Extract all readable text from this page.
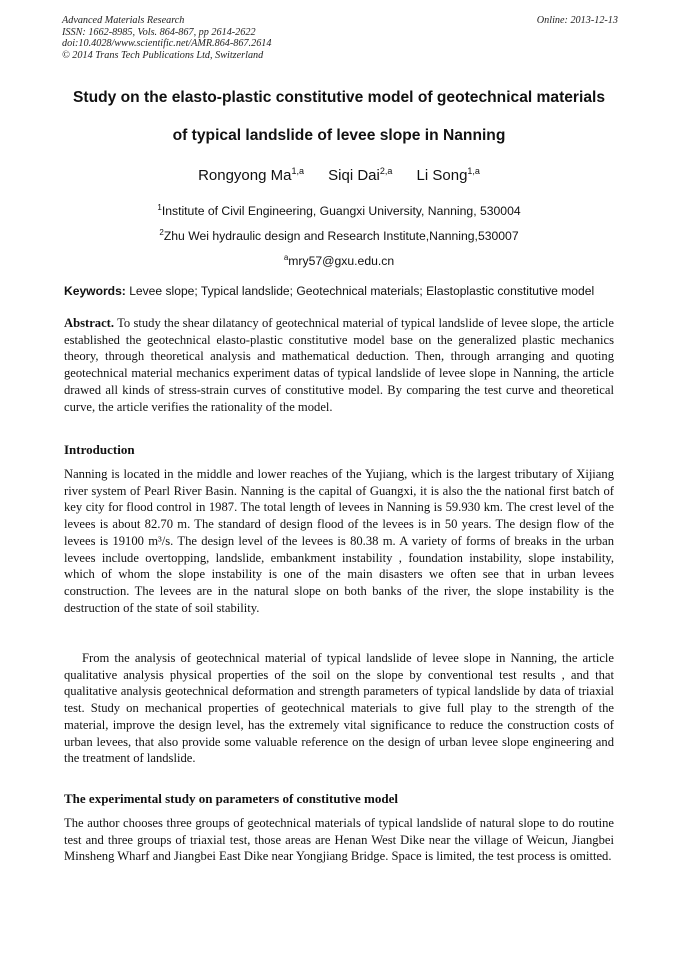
Advanced Materials Research	Online: 2013-12-13
ISSN: 1662-8985, Vols. 864-867, pp 2614-2622
doi:10.4028/www.scientific.net/AMR.864-867.2614
© 2014 Trans Tech Publications Ltd, Switzerland
Study on the elasto-plastic constitutive model of geotechnical materials
of typical landslide of levee slope in Nanning
Rongyong Ma$^{1,a}$ Siqi Dai$^{2,a}$ Li Song$^{1,a}$
$^1$Institute of Civil Engineering, Guangxi University, Nanning, 530004
$^2$Zhu Wei hydraulic design and Research Institute,Nanning,530007
$^a$mry57@gxu.edu.cn
Keywords: Levee slope; Typical landslide; Geotechnical materials; Elastoplastic constitutive model
Abstract. To study the shear dilatancy of geotechnical material of typical landslide of levee slope, the article established the geotechnical elasto-plastic constitutive model base on the generalized plastic mechanics theory, through theoretical analysis and mathematical deduction. Then, through arranging and quoting geotechnical material mechanics experiment datas of typical landslide of levee slope in Nanning, the article drawed all kinds of stress-strain curves of constitutive model. By comparing the test curve and theoretical curve, the article verifies the rationality of the model.
Introduction
Nanning is located in the middle and lower reaches of the Yujiang, which is the largest tributary of Xijiang river system of Pearl River Basin. Nanning is the capital of Guangxi, it is also the the national first batch of key city for flood control in 1987. The total length of levees in Nanning is 59.930 km. The crest level of the levees is about 82.70 m. The standard of design flood of the levees is in 50 years. The design flow of the levees is 19100 m³/s. The design level of the levees is 80.38 m. A variety of forms of breaks in the urban levees include overtopping, landslide, embankment instability , foundation instability, slope instability, which of whom the slope instability is one of the main disasters we often see that in urban levees construction. The levees are in the natural slope on both banks of the river, the slope instability is the destruction of the state of soil stability.
From the analysis of geotechnical material of typical landslide of levee slope in Nanning, the article qualitative analysis physical properties of the soil on the slope by conventional test results , and that qualitative analysis geotechnical deformation and strength parameters of typical landslide by data of triaxial test. Study on mechanical properties of geotechnical materials to give full play to the strength of the material, improve the design level, has the extremely vital significance to reduce the construction costs of urban levees, that also provide some valuable reference on the design of urban levee slope engineering and the treatment of landslide.
The experimental study on parameters of constitutive model
The author chooses three groups of geotechnical materials of typical landslide of natural slope to do routine test and three groups of triaxial test, those areas are Henan West Dike near the village of Weicun, Jiangbei Minsheng Wharf and Jiangbei East Dike near Yongjiang Bridge. Space is limited, the test process is omitted.
